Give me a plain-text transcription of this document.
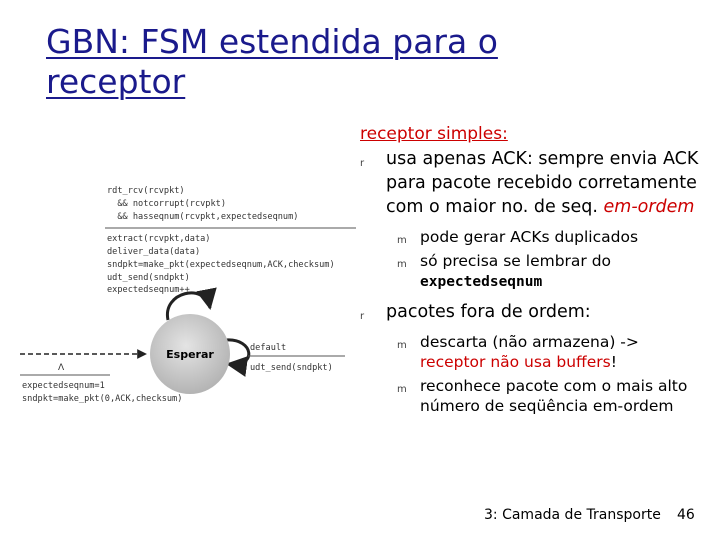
GBN: FSM estendida para o
receptor
rdt_rcv(rcvpkt)   && notcorrupt(rcvpkt)   && hasseqnum(rcvpkt,expectedseqnum)
extract(rcvpkt,data) deliver_data(data) sndpkt=make_pkt(expectedseqnum,ACK,checksum) udt_send(sndpkt) expectedseqnum++
Esperar	default
udt_send(sndpkt)
Λ
expectedseqnum=1 sndpkt=make_pkt(0,ACK,checksum)
receptor simples:
r usa apenas ACK: sempre envia ACK para pacote recebido corretamente com o maior no. de seq. em-ordem
m pode gerar ACKs duplicados
m só precisa se lembrar do expectedseqnum
r pacotes fora de ordem:
m descarta (não armazena) -> receptor não usa buffers!
m reconhece pacote com o mais alto número de seqüência em-ordem
3: Camada de Transporte 46
